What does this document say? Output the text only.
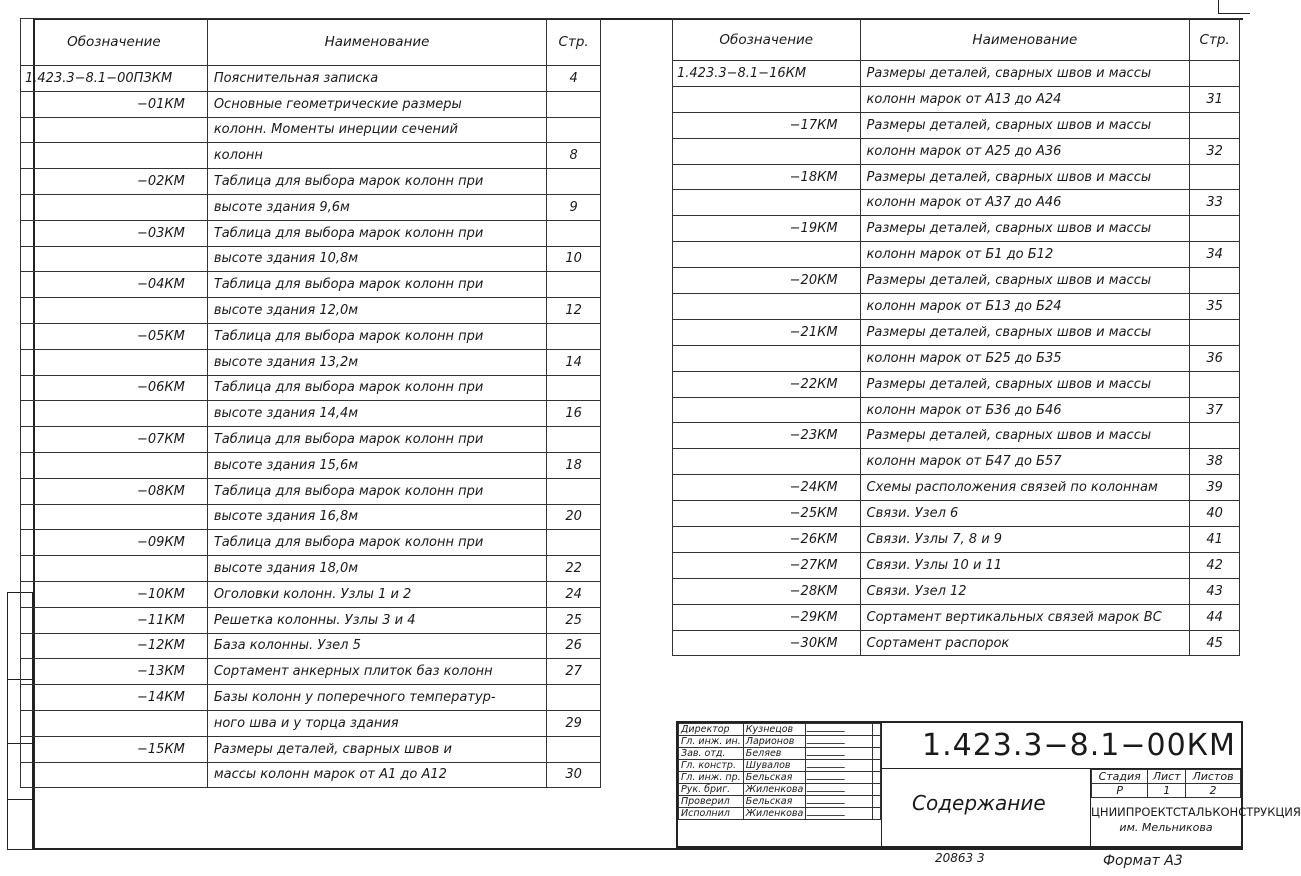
Обозначение	Наименование	Стр.
1.423.3−8.1−00ПЗКМ	Пояснительная записка	4
−01КМ	Основные геометрические размеры	
	колонн. Моменты инерции сечений	
	колонн	8
−02КМ	Таблица для выбора марок колонн при	
	высоте здания 9,6м	9
−03КМ	Таблица для выбора марок колонн при	
	высоте здания 10,8м	10
−04КМ	Таблица для выбора марок колонн при	
	высоте здания 12,0м	12
−05КМ	Таблица для выбора марок колонн при	
	высоте здания 13,2м	14
−06КМ	Таблица для выбора марок колонн при	
	высоте здания 14,4м	16
−07КМ	Таблица для выбора марок колонн при	
	высоте здания 15,6м	18
−08КМ	Таблица для выбора марок колонн при	
	высоте здания 16,8м	20
−09КМ	Таблица для выбора марок колонн при	
	высоте здания 18,0м	22
−10КМ	Оголовки колонн. Узлы 1 и 2	24
−11КМ	Решетка колонны. Узлы 3 и 4	25
−12КМ	База колонны. Узел 5	26
−13КМ	Сортамент анкерных плиток баз колонн	27
−14КМ	Базы колонн у поперечного температур-	
	ного шва и у торца здания	29
−15КМ	Размеры деталей, сварных швов и	
	массы колонн марок от А1 до А12	30
Обозначение	Наименование	Стр.
1.423.3−8.1−16КМ	Размеры деталей, сварных швов и массы	
	колонн марок от А13 до А24	31
−17КМ	Размеры деталей, сварных швов и массы	
	колонн марок от А25 до А36	32
−18КМ	Размеры деталей, сварных швов и массы	
	колонн марок от А37 до А46	33
−19КМ	Размеры деталей, сварных швов и массы	
	колонн марок от Б1 до Б12	34
−20КМ	Размеры деталей, сварных швов и массы	
	колонн марок от Б13 до Б24	35
−21КМ	Размеры деталей, сварных швов и массы	
	колонн марок от Б25 до Б35	36
−22КМ	Размеры деталей, сварных швов и массы	
	колонн марок от Б36 до Б46	37
−23КМ	Размеры деталей, сварных швов и массы	
	колонн марок от Б47 до Б57	38
−24КМ	Схемы расположения связей по колоннам	39
−25КМ	Связи. Узел 6	40
−26КМ	Связи. Узлы 7, 8 и 9	41
−27КМ	Связи. Узлы 10 и 11	42
−28КМ	Связи. Узел 12	43
−29КМ	Сортамент вертикальных связей марок ВС	44
−30КМ	Сортамент распорок	45
Директор	Кузнецов		
Гл. инж. ин.	Ларионов		
Зав. отд.	Беляев		
Гл. констр.	Шувалов		
Гл. инж. пр.	Бельская		
Рук. бриг.	Жиленкова		
Проверил	Бельская		
Исполнил	Жиленкова		
1.423.3−8.1−00КМ
Содержание
Стадия	Лист	Листов
Р	1	2
ЦНИИПРОЕКТСТАЛЬКОНСТРУКЦИЯ
им. Мельникова
20863 3	Формат А3
